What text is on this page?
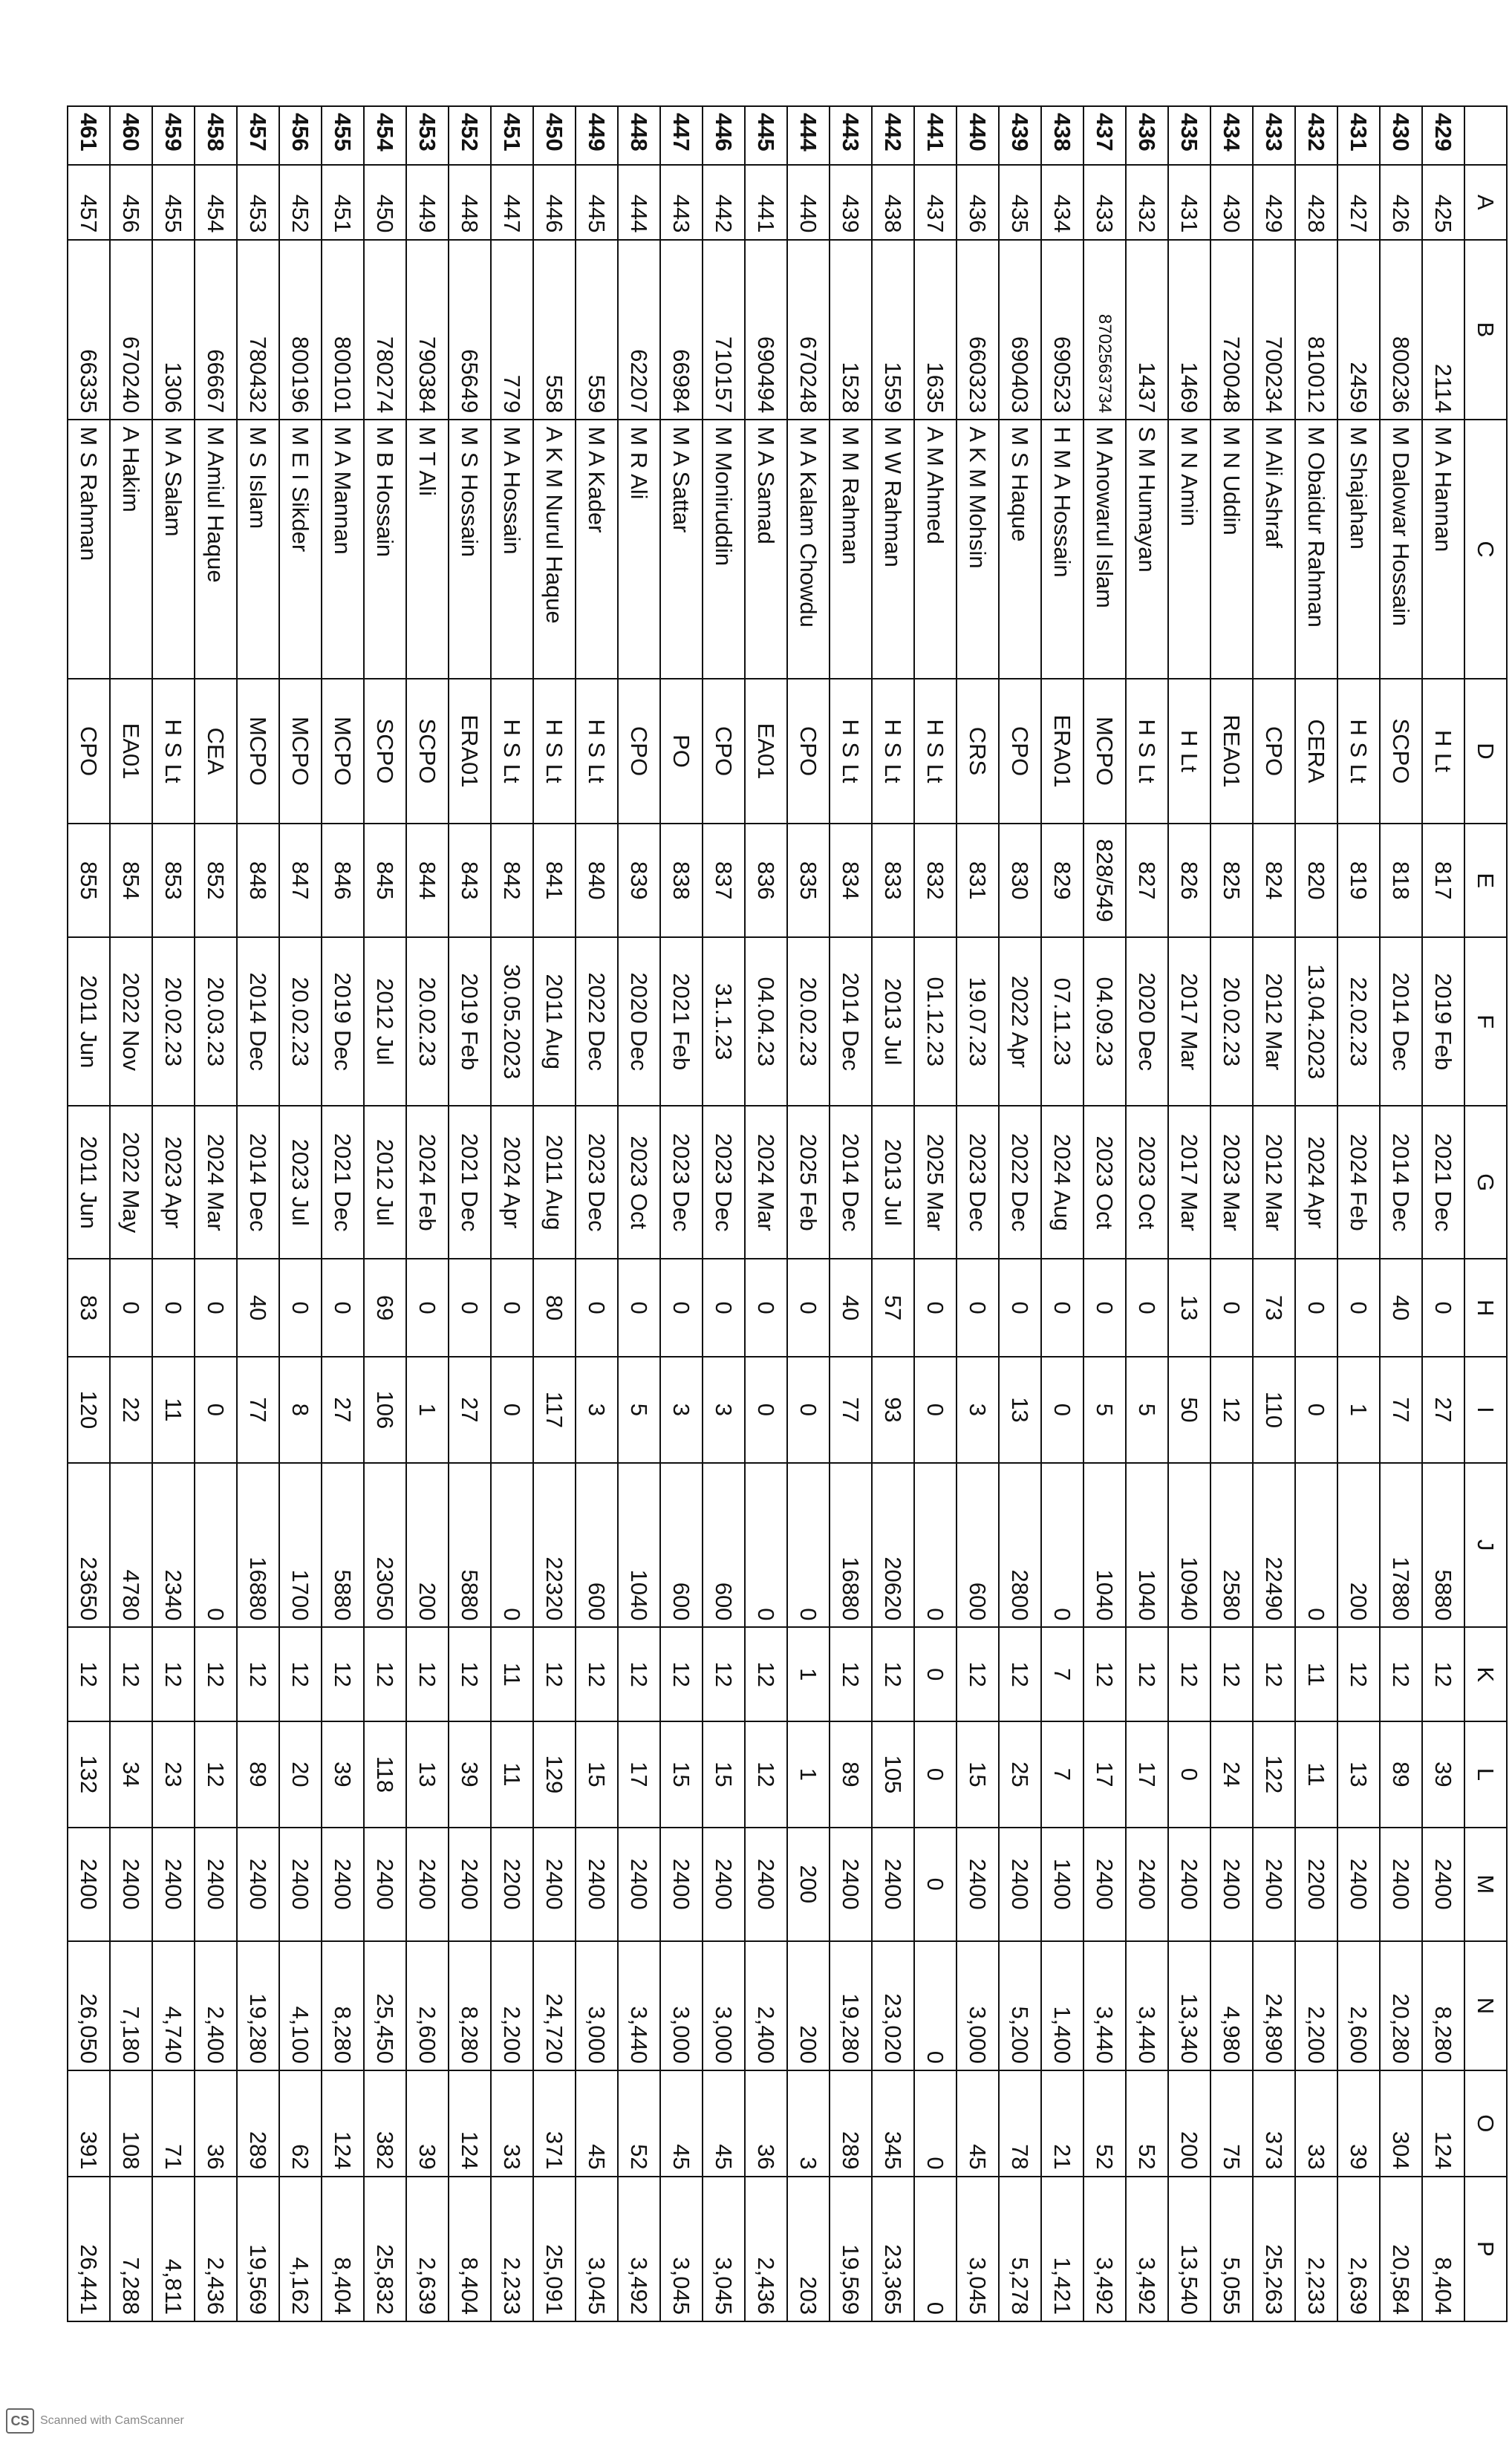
	A	B	C	D	E	F	G	H	I	J	K	L	M	N	O	P
429	425	2114	M A Hannan	H Lt	817	2019 Feb	2021 Dec	0	27	5880	12	39	2400	8,280	124	8,404
430	426	800236	M Dalowar Hossain	SCPO	818	2014 Dec	2014 Dec	40	77	17880	12	89	2400	20,280	304	20,584
431	427	2459	M Shajahan	H S Lt	819	22.02.23	2024 Feb	0	1	200	12	13	2400	2,600	39	2,639
432	428	810012	M Obaidur Rahman	CERA	820	13.04.2023	2024 Apr	0	0	0	11	11	2200	2,200	33	2,233
433	429	700234	M Ali Ashraf	CPO	824	2012 Mar	2012 Mar	73	110	22490	12	122	2400	24,890	373	25,263
434	430	720048	M N Uddin	REA01	825	20.02.23	2023 Mar	0	12	2580	12	24	2400	4,980	75	5,055
435	431	1469	M N Amin	H Lt	826	2017 Mar	2017 Mar	13	50	10940	12	0	2400	13,340	200	13,540
436	432	1437	S M Humayan	H S Lt	827	2020 Dec	2023 Oct	0	5	1040	12	17	2400	3,440	52	3,492
437	433	8702563734	M Anowarul Islam	MCPO	828/549	04.09.23	2023 Oct	0	5	1040	12	17	2400	3,440	52	3,492
438	434	690523	H M A Hossain	ERA01	829	07.11.23	2024 Aug	0	0	0	7	7	1400	1,400	21	1,421
439	435	690403	M S Haque	CPO	830	2022 Apr	2022 Dec	0	13	2800	12	25	2400	5,200	78	5,278
440	436	660323	A K M Mohsin	CRS	831	19.07.23	2023 Dec	0	3	600	12	15	2400	3,000	45	3,045
441	437	1635	A M Ahmed	H S Lt	832	01.12.23	2025 Mar	0	0	0	0	0	0	0	0	0
442	438	1559	M W Rahman	H S Lt	833	2013 Jul	2013 Jul	57	93	20620	12	105	2400	23,020	345	23,365
443	439	1528	M M Rahman	H S Lt	834	2014 Dec	2014 Dec	40	77	16880	12	89	2400	19,280	289	19,569
444	440	670248	M A Kalam Chowdu	CPO	835	20.02.23	2025 Feb	0	0	0	1	1	200	200	3	203
445	441	690494	M A Samad	EA01	836	04.04.23	2024 Mar	0	0	0	12	12	2400	2,400	36	2,436
446	442	710157	M Moniruddin	CPO	837	31.1.23	2023 Dec	0	3	600	12	15	2400	3,000	45	3,045
447	443	66984	M A Sattar	PO	838	2021 Feb	2023 Dec	0	3	600	12	15	2400	3,000	45	3,045
448	444	62207	M R Ali	CPO	839	2020 Dec	2023 Oct	0	5	1040	12	17	2400	3,440	52	3,492
449	445	559	M A Kader	H S Lt	840	2022 Dec	2023 Dec	0	3	600	12	15	2400	3,000	45	3,045
450	446	558	A K M Nurul Haque	H S Lt	841	2011 Aug	2011 Aug	80	117	22320	12	129	2400	24,720	371	25,091
451	447	779	M A Hossain	H S Lt	842	30.05.2023	2024 Apr	0	0	0	11	11	2200	2,200	33	2,233
452	448	65649	M S Hossain	ERA01	843	2019 Feb	2021 Dec	0	27	5880	12	39	2400	8,280	124	8,404
453	449	790384	M T Ali	SCPO	844	20.02.23	2024 Feb	0	1	200	12	13	2400	2,600	39	2,639
454	450	780274	M B Hossain	SCPO	845	2012 Jul	2012 Jul	69	106	23050	12	118	2400	25,450	382	25,832
455	451	800101	M A Mannan	MCPO	846	2019 Dec	2021 Dec	0	27	5880	12	39	2400	8,280	124	8,404
456	452	800196	M E I Sikder	MCPO	847	20.02.23	2023 Jul	0	8	1700	12	20	2400	4,100	62	4,162
457	453	780432	M S Islam	MCPO	848	2014 Dec	2014 Dec	40	77	16880	12	89	2400	19,280	289	19,569
458	454	66667	M Amiul Haque	CEA	852	20.03.23	2024 Mar	0	0	0	12	12	2400	2,400	36	2,436
459	455	1306	M A Salam	H S Lt	853	20.02.23	2023 Apr	0	11	2340	12	23	2400	4,740	71	4,811
460	456	670240	A Hakim	EA01	854	2022 Nov	2022 May	0	22	4780	12	34	2400	7,180	108	7,288
461	457	66335	M S Rahman	CPO	855	2011 Jun	2011 Jun	83	120	23650	12	132	2400	26,050	391	26,441
CS Scanned with CamScanner
